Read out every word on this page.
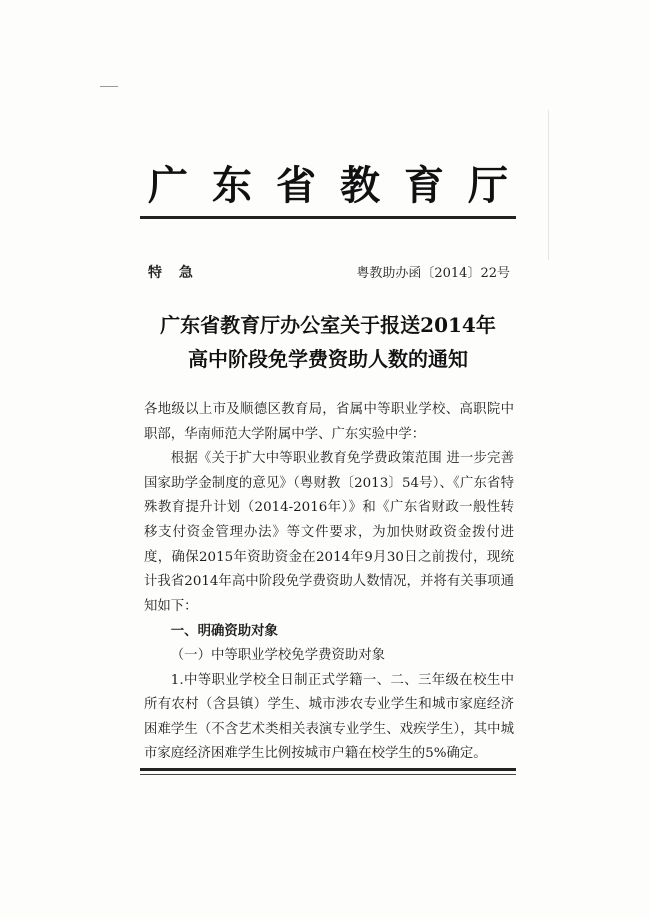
广 东 省 教 育 厅
特 急	粤教助办函〔2014〕22号
广东省教育厅办公室关于报送2014年
高中阶段免学费资助人数的通知

各地级以上市及顺德区教育局，省属中等职业学校、高职院中职部，华南师范大学附属中学、广东实验中学：

根据《关于扩大中等职业教育免学费政策范围 进一步完善国家助学金制度的意见》（粤财教〔2013〕54号）、《广东省特殊教育提升计划（2014-2016年）》和《广东省财政一般性转移支付资金管理办法》等文件要求，为加快财政资金拨付进度，确保2015年资助资金在2014年9月30日之前拨付，现统计我省2014年高中阶段免学费资助人数情况，并将有关事项通知如下：

一、明确资助对象

（一）中等职业学校免学费资助对象

1.中等职业学校全日制正式学籍一、二、三年级在校生中所有农村（含县镇）学生、城市涉农专业学生和城市家庭经济困难学生（不含艺术类相关表演专业学生、戏疾学生），其中城市家庭经济困难学生比例按城市户籍在校学生的5%确定。
